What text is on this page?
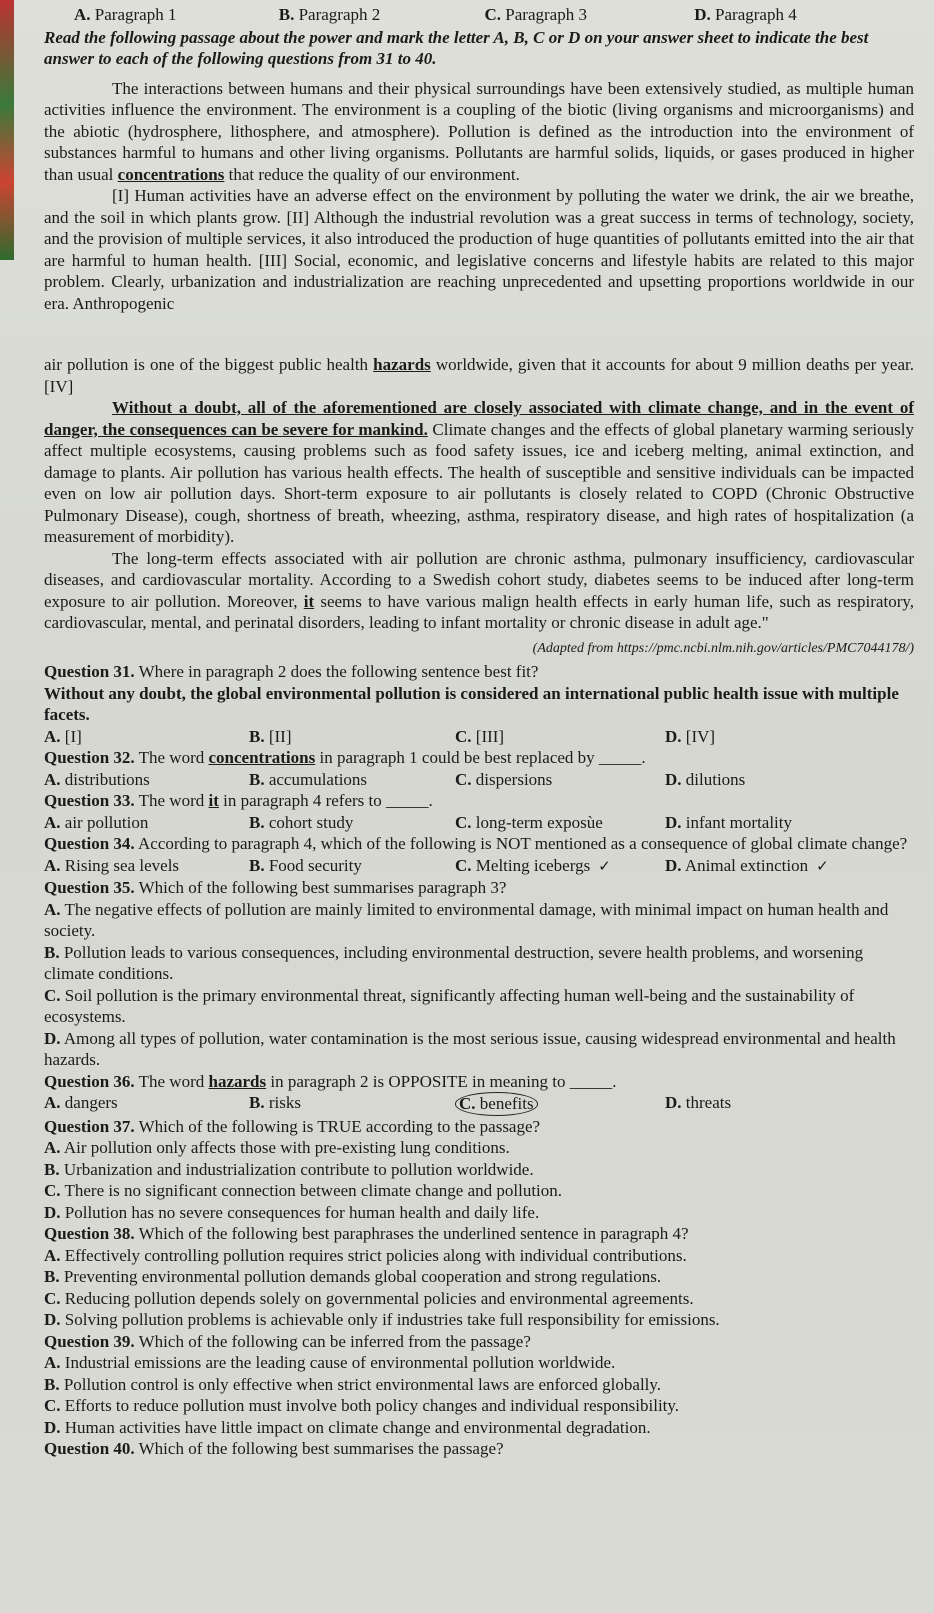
A. Paragraph 1	B. Paragraph 2	C. Paragraph 3	D. Paragraph 4

Read the following passage about the power and mark the letter A, B, C or D on your answer sheet to indicate the best answer to each of the following questions from 31 to 40.

The interactions between humans and their physical surroundings have been extensively studied, as multiple human activities influence the environment. The environment is a coupling of the biotic (living organisms and microorganisms) and the abiotic (hydrosphere, lithosphere, and atmosphere). Pollution is defined as the introduction into the environment of substances harmful to humans and other living organisms. Pollutants are harmful solids, liquids, or gases produced in higher than usual concentrations that reduce the quality of our environment.

[I] Human activities have an adverse effect on the environment by polluting the water we drink, the air we breathe, and the soil in which plants grow. [II] Although the industrial revolution was a great success in terms of technology, society, and the provision of multiple services, it also introduced the production of huge quantities of pollutants emitted into the air that are harmful to human health. [III] Social, economic, and legislative concerns and lifestyle habits are related to this major problem. Clearly, urbanization and industrialization are reaching unprecedented and upsetting proportions worldwide in our era. Anthropogenic

air pollution is one of the biggest public health hazards worldwide, given that it accounts for about 9 million deaths per year. [IV]

Without a doubt, all of the aforementioned are closely associated with climate change, and in the event of danger, the consequences can be severe for mankind. Climate changes and the effects of global planetary warming seriously affect multiple ecosystems, causing problems such as food safety issues, ice and iceberg melting, animal extinction, and damage to plants. Air pollution has various health effects. The health of susceptible and sensitive individuals can be impacted even on low air pollution days. Short-term exposure to air pollutants is closely related to COPD (Chronic Obstructive Pulmonary Disease), cough, shortness of breath, wheezing, asthma, respiratory disease, and high rates of hospitalization (a measurement of morbidity).

The long-term effects associated with air pollution are chronic asthma, pulmonary insufficiency, cardiovascular diseases, and cardiovascular mortality. According to a Swedish cohort study, diabetes seems to be induced after long-term exposure to air pollution. Moreover, it seems to have various malign health effects in early human life, such as respiratory, cardiovascular, mental, and perinatal disorders, leading to infant mortality or chronic disease in adult age."

(Adapted from https://pmc.ncbi.nlm.nih.gov/articles/PMC7044178/)

Question 31. Where in paragraph 2 does the following sentence best fit?

Without any doubt, the global environmental pollution is considered an international public health issue with multiple facets.

A. [I]	B. [II]	C. [III]	D. [IV]

Question 32. The word concentrations in paragraph 1 could be best replaced by _____.

A. distributions	B. accumulations	C. dispersions	D. dilutions

Question 33. The word it in paragraph 4 refers to _____.

A. air pollution	B. cohort study	C. long-term exposùe	D. infant mortality

Question 34. According to paragraph 4, which of the following is NOT mentioned as a consequence of global climate change?

A. Rising sea levels	B. Food security	C. Melting icebergs ✓	D. Animal extinction ✓

Question 35. Which of the following best summarises paragraph 3?

A. The negative effects of pollution are mainly limited to environmental damage, with minimal impact on human health and society.

B. Pollution leads to various consequences, including environmental destruction, severe health problems, and worsening climate conditions.

C. Soil pollution is the primary environmental threat, significantly affecting human well-being and the sustainability of ecosystems.

D. Among all types of pollution, water contamination is the most serious issue, causing widespread environmental and health hazards.

Question 36. The word hazards in paragraph 2 is OPPOSITE in meaning to _____.

A. dangers	B. risks	C. benefits	D. threats

Question 37. Which of the following is TRUE according to the passage?

A. Air pollution only affects those with pre-existing lung conditions.

B. Urbanization and industrialization contribute to pollution worldwide.

C. There is no significant connection between climate change and pollution.

D. Pollution has no severe consequences for human health and daily life.

Question 38. Which of the following best paraphrases the underlined sentence in paragraph 4?

A. Effectively controlling pollution requires strict policies along with individual contributions.

B. Preventing environmental pollution demands global cooperation and strong regulations.

C. Reducing pollution depends solely on governmental policies and environmental agreements.

D. Solving pollution problems is achievable only if industries take full responsibility for emissions.

Question 39. Which of the following can be inferred from the passage?

A. Industrial emissions are the leading cause of environmental pollution worldwide.

B. Pollution control is only effective when strict environmental laws are enforced globally.

C. Efforts to reduce pollution must involve both policy changes and individual responsibility.

D. Human activities have little impact on climate change and environmental degradation.

Question 40. Which of the following best summarises the passage?
